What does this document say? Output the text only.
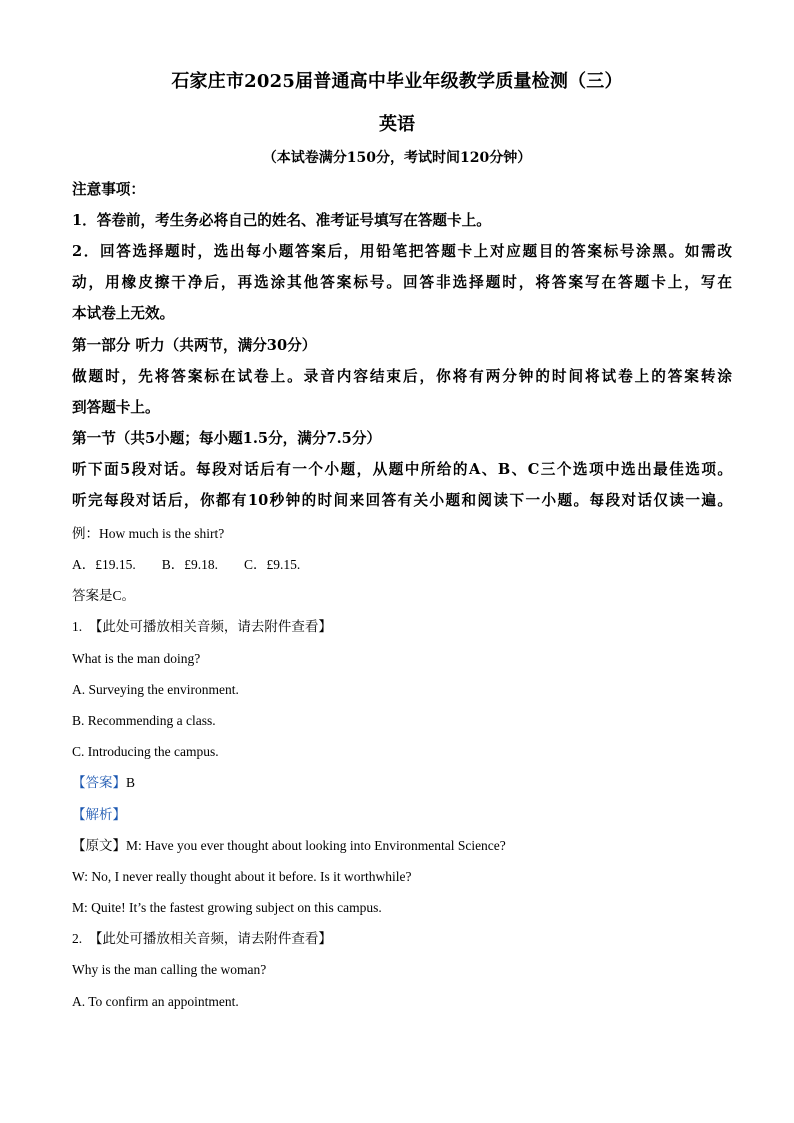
石家庄市2025届普通高中毕业年级教学质量检测（三）
英语
（本试卷满分150分，考试时间120分钟）
注意事项：
1．答卷前，考生务必将自己的姓名、准考证号填写在答题卡上。
2．回答选择题时，选出每小题答案后，用铅笔把答题卡上对应题目的答案标号涂黑。如需改
动，用橡皮擦干净后，再选涂其他答案标号。回答非选择题时，将答案写在答题卡上，写在
本试卷上无效。
第一部分 听力（共两节，满分30分）
做题时，先将答案标在试卷上。录音内容结束后，你将有两分钟的时间将试卷上的答案转涂
到答题卡上。
第一节（共5小题；每小题1.5分，满分7.5分）
听下面5段对话。每段对话后有一个小题，从题中所给的A、B、C三个选项中选出最佳选项。
听完每段对话后，你都有10秒钟的时间来回答有关小题和阅读下一小题。每段对话仅读一遍。
例：How much is the shirt?
A．£19.15. B．£9.18. C．£9.15.
答案是C。
1. 【此处可播放相关音频，请去附件查看】
What is the man doing?
A. Surveying the environment.
B. Recommending a class.
C. Introducing the campus.
【答案】B
【解析】
【原文】M: Have you ever thought about looking into Environmental Science?
W: No, I never really thought about it before. Is it worthwhile?
M: Quite! It’s the fastest growing subject on this campus.
2. 【此处可播放相关音频，请去附件查看】
Why is the man calling the woman?
A. To confirm an appointment.
